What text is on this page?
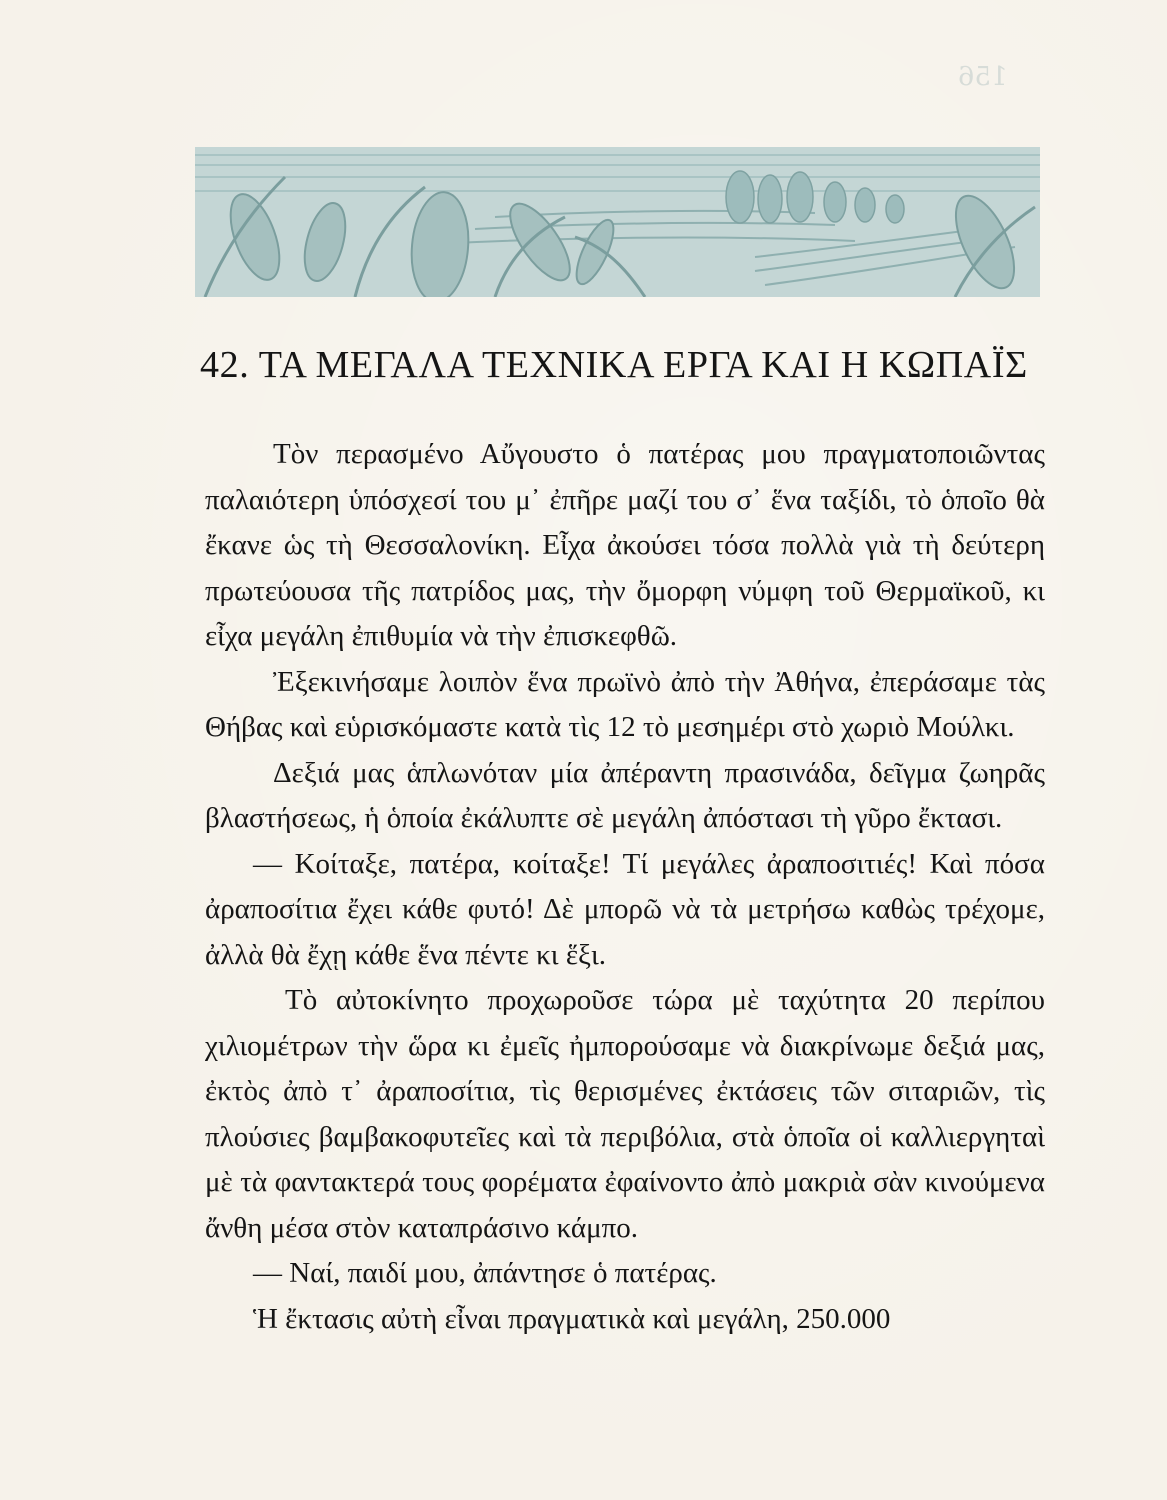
156
42. ΤΑ ΜΕΓΑΛΑ ΤΕΧΝΙΚΑ ΕΡΓΑ ΚΑΙ Η ΚΩΠΑΪΣ

Τὸν περασμένο Αὔγουστο ὁ πατέρας μου πραγματοποιῶντας παλαιότερη ὑπόσχεσί του μ᾽ ἐπῆρε μαζί του σ᾽ ἕνα ταξίδι, τὸ ὁποῖο θὰ ἔκανε ὡς τὴ Θεσσαλονίκη. Εἶχα ἀκούσει τόσα πολλὰ γιὰ τὴ δεύτερη πρωτεύουσα τῆς πατρίδος μας, τὴν ὄμορφη νύμφη τοῦ Θερμαϊκοῦ, κι εἶχα μεγάλη ἐπιθυμία νὰ τὴν ἐπισκεφθῶ.

Ἐξεκινήσαμε λοιπὸν ἕνα πρωϊνὸ ἀπὸ τὴν Ἀθήνα, ἐπεράσαμε τὰς Θήβας καὶ εὑρισκόμαστε κατὰ τὶς 12 τὸ μεσημέρι στὸ χωριὸ Μούλκι.

Δεξιά μας ἁπλωνόταν μία ἀπέραντη πρασινάδα, δεῖγμα ζωηρᾶς βλαστήσεως, ἡ ὁποία ἐκάλυπτε σὲ μεγάλη ἀπόστασι τὴ γῦρο ἔκτασι.

— Κοίταξε, πατέρα, κοίταξε! Τί μεγάλες ἀραποσιτιές! Καὶ πόσα ἀραποσίτια ἔχει κάθε φυτό! Δὲ μπορῶ νὰ τὰ μετρήσω καθὼς τρέχομε, ἀλλὰ θὰ ἔχῃ κάθε ἕνα πέντε κι ἕξι.

Τὸ αὐτοκίνητο προχωροῦσε τώρα μὲ ταχύτητα 20 περίπου χιλιομέτρων τὴν ὥρα κι ἐμεῖς ἠμπορούσαμε νὰ διακρίνωμε δεξιά μας, ἐκτὸς ἀπὸ τ᾽ ἀραποσίτια, τὶς θερισμένες ἐκτάσεις τῶν σιταριῶν, τὶς πλούσιες βαμβακοφυτεῖες καὶ τὰ περιβόλια, στὰ ὁποῖα οἱ καλλιεργηταὶ μὲ τὰ φαντακτερά τους φορέματα ἐφαίνοντο ἀπὸ μακριὰ σὰν κινούμενα ἄνθη μέσα στὸν καταπράσινο κάμπο.

— Ναί, παιδί μου, ἀπάντησε ὁ πατέρας.

Ἡ ἔκτασις αὐτὴ εἶναι πραγματικὰ καὶ μεγάλη, 250.000
